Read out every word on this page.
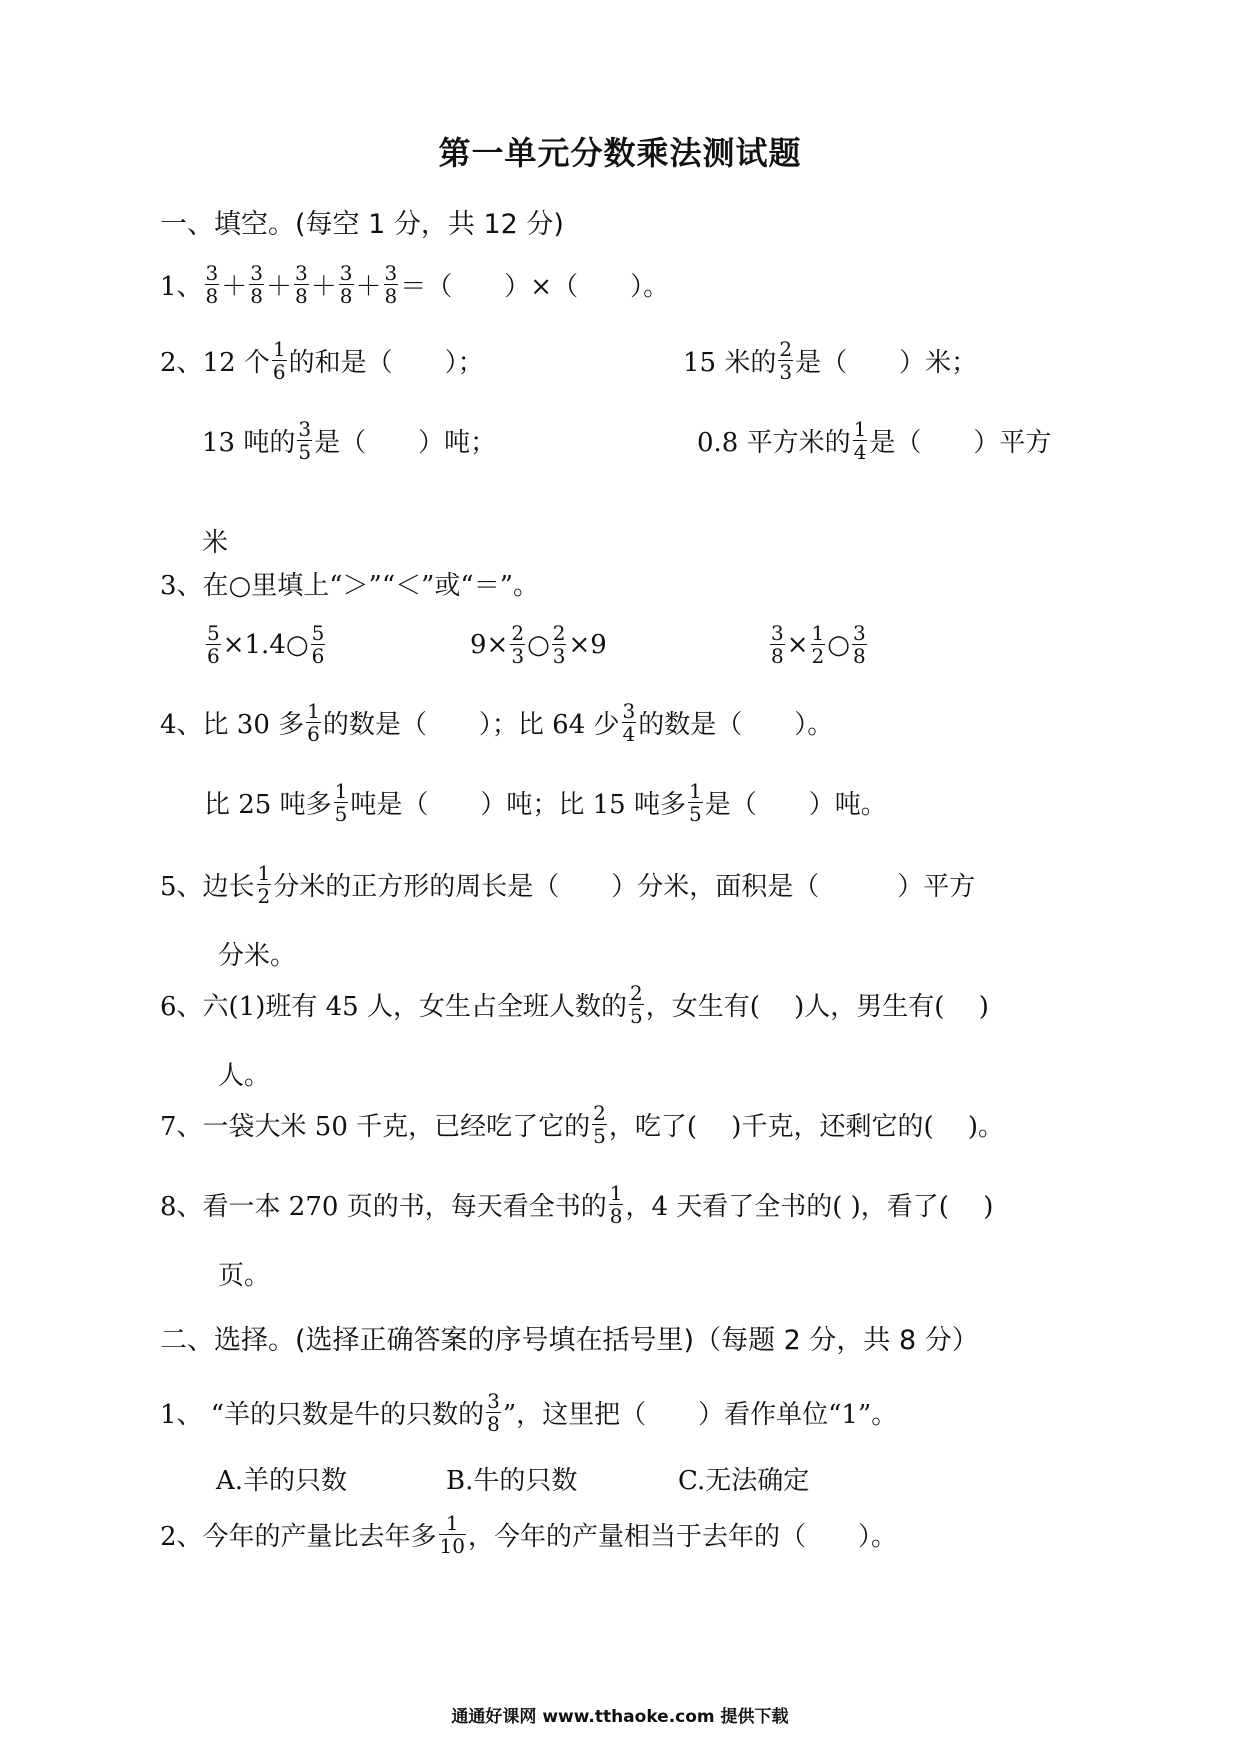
第一单元分数乘法测试题
一、填空。(每空 1 分，共 12 分)
1、 $\frac{3}{8} + \frac{3}{8} + \frac{3}{8} + \frac{3}{8} + \frac{3}{8}$ ＝（　　）×（　　）。
2、 12 个 $\frac{1}{6}$ 的和是（　　）；	15 米的 $\frac{2}{3}$ 是（　　）米；
13 吨的 $\frac{3}{5}$ 是（　　）吨；	0.8 平方米的 $\frac{1}{4}$ 是（　　）平方
米
3、在○里填上“＞”“＜”或“＝”。
$\frac{5}{6}$ ×1.4○ $\frac{5}{6}$	$9\times \frac{2}{3}$ ○ $\frac{2}{3} \times 9$	$\frac{3}{8} \times \frac{1}{2}$ ○ $\frac{3}{8}$
4、比 30 多 $\frac{1}{6}$ 的数是（　　）；比 64 少 $\frac{3}{4}$ 的数是（　　）。
比 25 吨多 $\frac{1}{5}$ 吨是（　　）吨；比 15 吨多 $\frac{1}{5}$ 是（　　）吨。
5、边长 $\frac{1}{2}$ 分米的正方形的周长是（　　）分米，面积是（　　　）平方
分米。
6、六(1)班有 45 人，女生占全班人数的 $\frac{2}{5}$ ，女生有(　 )人，男生有(　 )
人。
7、一袋大米 50 千克，已经吃了它的 $\frac{2}{5}$ ，吃了(　 )千克，还剩它的(　 )。
8、看一本 270 页的书，每天看全书的 $\frac{1}{8}$ ，4 天看了全书的( )，看了(　 )
页。
二、选择。(选择正确答案的序号填在括号里)（每题 2 分，共 8 分）
1、 “羊的只数是牛的只数的 $\frac{3}{8}$ ”，这里把（　　）看作单位“1”。
A.羊的只数	B.牛的只数	C.无法确定
2、今年的产量比去年多 $\frac{1}{10}$ ，今年的产量相当于去年的（　　）。
通通好课网 www.tthaoke.com 提供下载
